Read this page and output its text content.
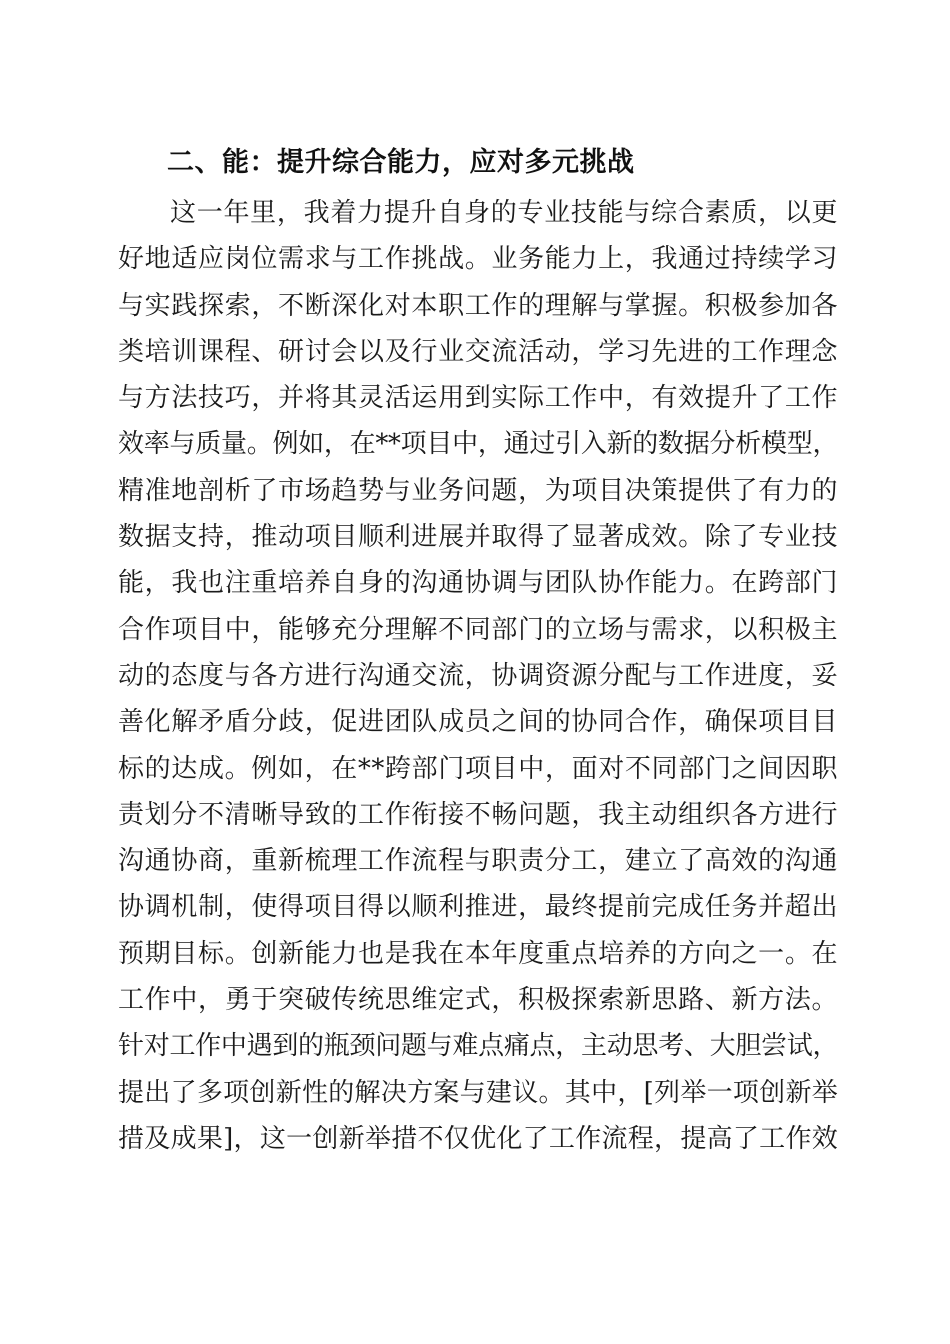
二、能：提升综合能力，应对多元挑战
这一年里，我着力提升自身的专业技能与综合素质，以更
好地适应岗位需求与工作挑战。业务能力上，我通过持续学习
与实践探索，不断深化对本职工作的理解与掌握。积极参加各
类培训课程、研讨会以及行业交流活动，学习先进的工作理念
与方法技巧，并将其灵活运用到实际工作中，有效提升了工作
效率与质量。例如，在**项目中，通过引入新的数据分析模型，
精准地剖析了市场趋势与业务问题，为项目决策提供了有力的
数据支持，推动项目顺利进展并取得了显著成效。除了专业技
能，我也注重培养自身的沟通协调与团队协作能力。在跨部门
合作项目中，能够充分理解不同部门的立场与需求，以积极主
动的态度与各方进行沟通交流，协调资源分配与工作进度，妥
善化解矛盾分歧，促进团队成员之间的协同合作，确保项目目
标的达成。例如，在**跨部门项目中，面对不同部门之间因职
责划分不清晰导致的工作衔接不畅问题，我主动组织各方进行
沟通协商，重新梳理工作流程与职责分工，建立了高效的沟通
协调机制，使得项目得以顺利推进，最终提前完成任务并超出
预期目标。创新能力也是我在本年度重点培养的方向之一。在
工作中，勇于突破传统思维定式，积极探索新思路、新方法。
针对工作中遇到的瓶颈问题与难点痛点，主动思考、大胆尝试，
提出了多项创新性的解决方案与建议。其中，[列举一项创新举
措及成果]，这一创新举措不仅优化了工作流程，提高了工作效
